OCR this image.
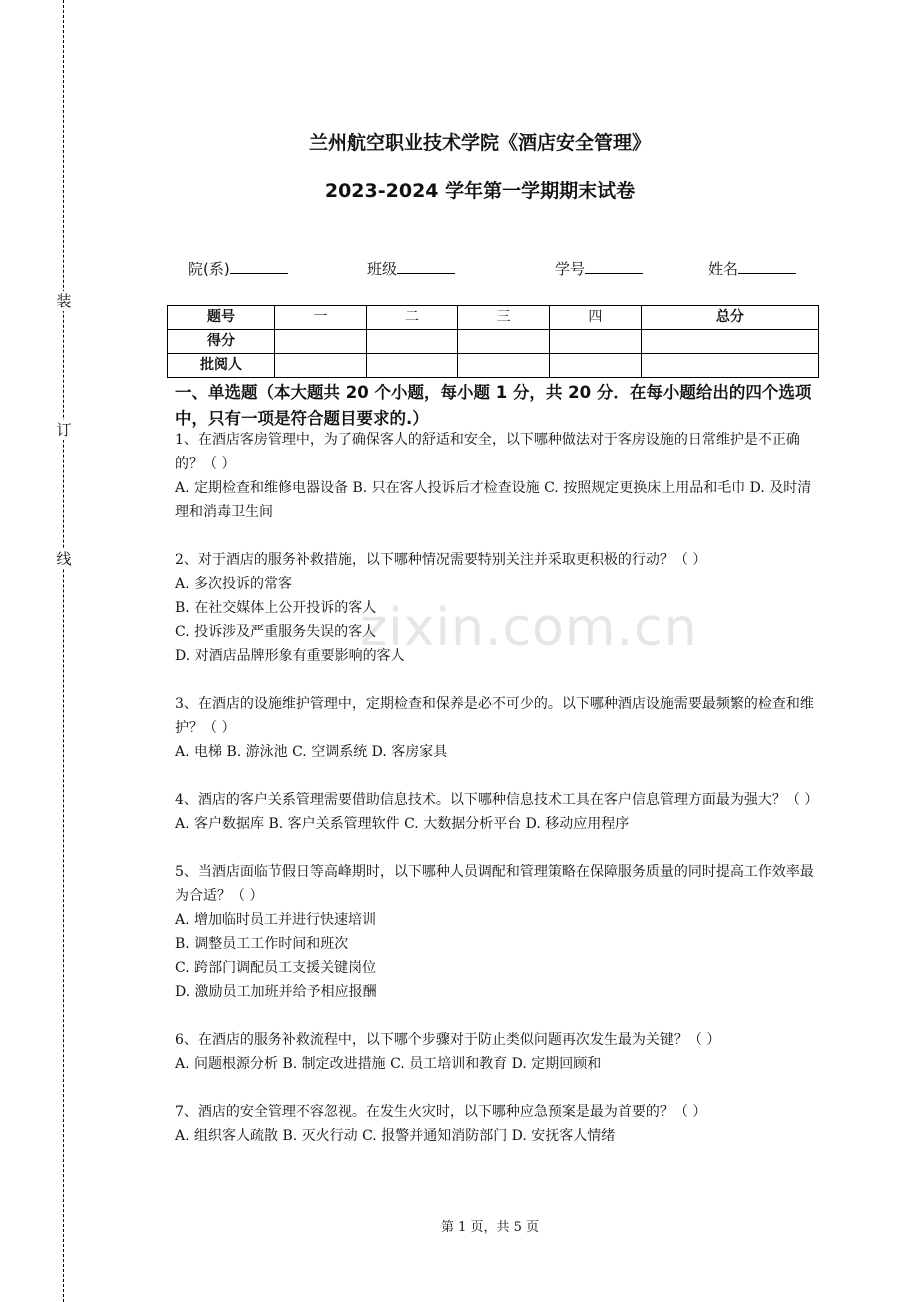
装
订
线
zixin.com.cn
兰州航空职业技术学院《酒店安全管理》
2023-2024 学年第一学期期末试卷
院(系)	班级	学号	姓名
题号	一	二	三	四	总分
得分					
批阅人					
一、单选题（本大题共 20 个小题，每小题 1 分，共 20 分．在每小题给出的四个选项中，只有一项是符合题目要求的.）

1、在酒店客房管理中，为了确保客人的舒适和安全，以下哪种做法对于客房设施的日常维护是不正确的？（ ）

A. 定期检查和维修电器设备 B. 只在客人投诉后才检查设施 C. 按照规定更换床上用品和毛巾 D. 及时清理和消毒卫生间

2、对于酒店的服务补救措施，以下哪种情况需要特别关注并采取更积极的行动？（ ）

A. 多次投诉的常客

B. 在社交媒体上公开投诉的客人

C. 投诉涉及严重服务失误的客人

D. 对酒店品牌形象有重要影响的客人

3、在酒店的设施维护管理中，定期检查和保养是必不可少的。以下哪种酒店设施需要最频繁的检查和维护？（ ）

A. 电梯 B. 游泳池 C. 空调系统 D. 客房家具

4、酒店的客户关系管理需要借助信息技术。以下哪种信息技术工具在客户信息管理方面最为强大？（ ）

A. 客户数据库 B. 客户关系管理软件 C. 大数据分析平台 D. 移动应用程序

5、当酒店面临节假日等高峰期时，以下哪种人员调配和管理策略在保障服务质量的同时提高工作效率最为合适？（ ）

A. 增加临时员工并进行快速培训

B. 调整员工工作时间和班次

C. 跨部门调配员工支援关键岗位

D. 激励员工加班并给予相应报酬

6、在酒店的服务补救流程中，以下哪个步骤对于防止类似问题再次发生最为关键？（ ）

A. 问题根源分析 B. 制定改进措施 C. 员工培训和教育 D. 定期回顾和

7、酒店的安全管理不容忽视。在发生火灾时，以下哪种应急预案是最为首要的？（ ）

A. 组织客人疏散 B. 灭火行动 C. 报警并通知消防部门 D. 安抚客人情绪

第 1 页，共 5 页
